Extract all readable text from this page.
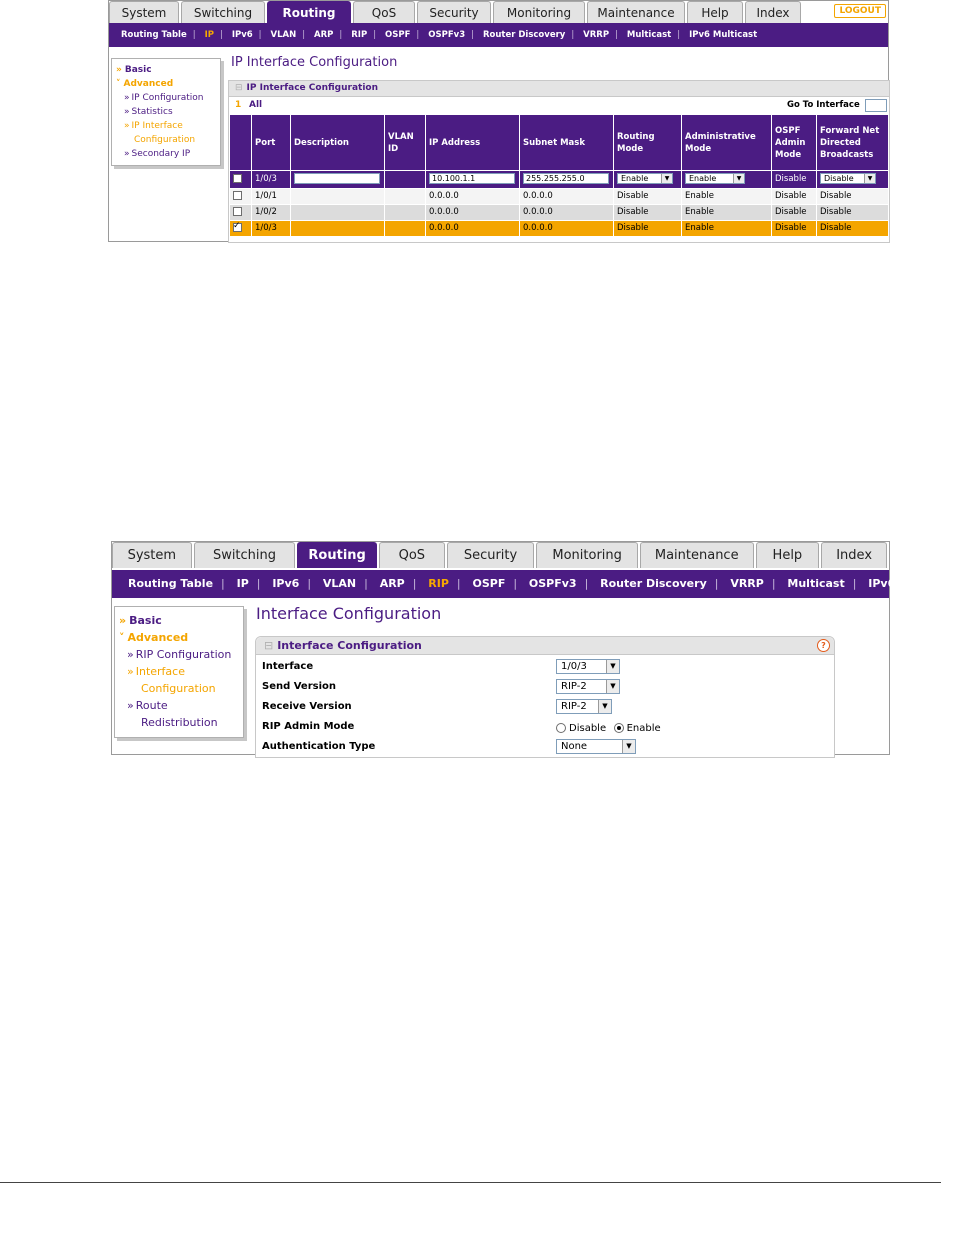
System	Switching	Routing	QoS	Security	Monitoring	Maintenance	Help	Index	LOGOUT
Routing Table | IP | IPv6 | VLAN | ARP | RIP | OSPF | OSPFv3 | Router Discovery | VRRP | Multicast | IPv6 Multicast
» Basic
˅ Advanced
» IP Configuration
» Statistics
» IP Interface
Configuration
» Secondary IP
IP Interface Configuration
⊟ IP Interface Configuration
1 All	Go To Interface
	Port	Description	VLAN ID	IP Address	Subnet Mask	Routing Mode	Administrative Mode	OSPF Admin Mode	Forward Net Directed Broadcasts
	1/0/3			10.100.1.1	255.255.255.0	Enable ▼	Enable ▼	Disable	Disable ▼

	1/0/1			0.0.0.0	0.0.0.0	Disable	Enable	Disable	Disable
	1/0/2			0.0.0.0	0.0.0.0	Disable	Enable	Disable	Disable
✓	1/0/3			0.0.0.0	0.0.0.0	Disable	Enable	Disable	Disable
System	Switching	Routing	QoS	Security	Monitoring	Maintenance	Help	Index
Routing Table | IP | IPv6 | VLAN | ARP | RIP | OSPF | OSPFv3 | Router Discovery | VRRP | Multicast | IPv6 Multicast
» Basic
˅ Advanced
» RIP Configuration
» Interface
Configuration
» Route
Redistribution
Interface Configuration
⊟ Interface Configuration	?
Interface	1/0/3	▼
Send Version	RIP-2	▼
Receive Version	RIP-2	▼
RIP Admin Mode	Disable Enable
Authentication Type	None	▼
